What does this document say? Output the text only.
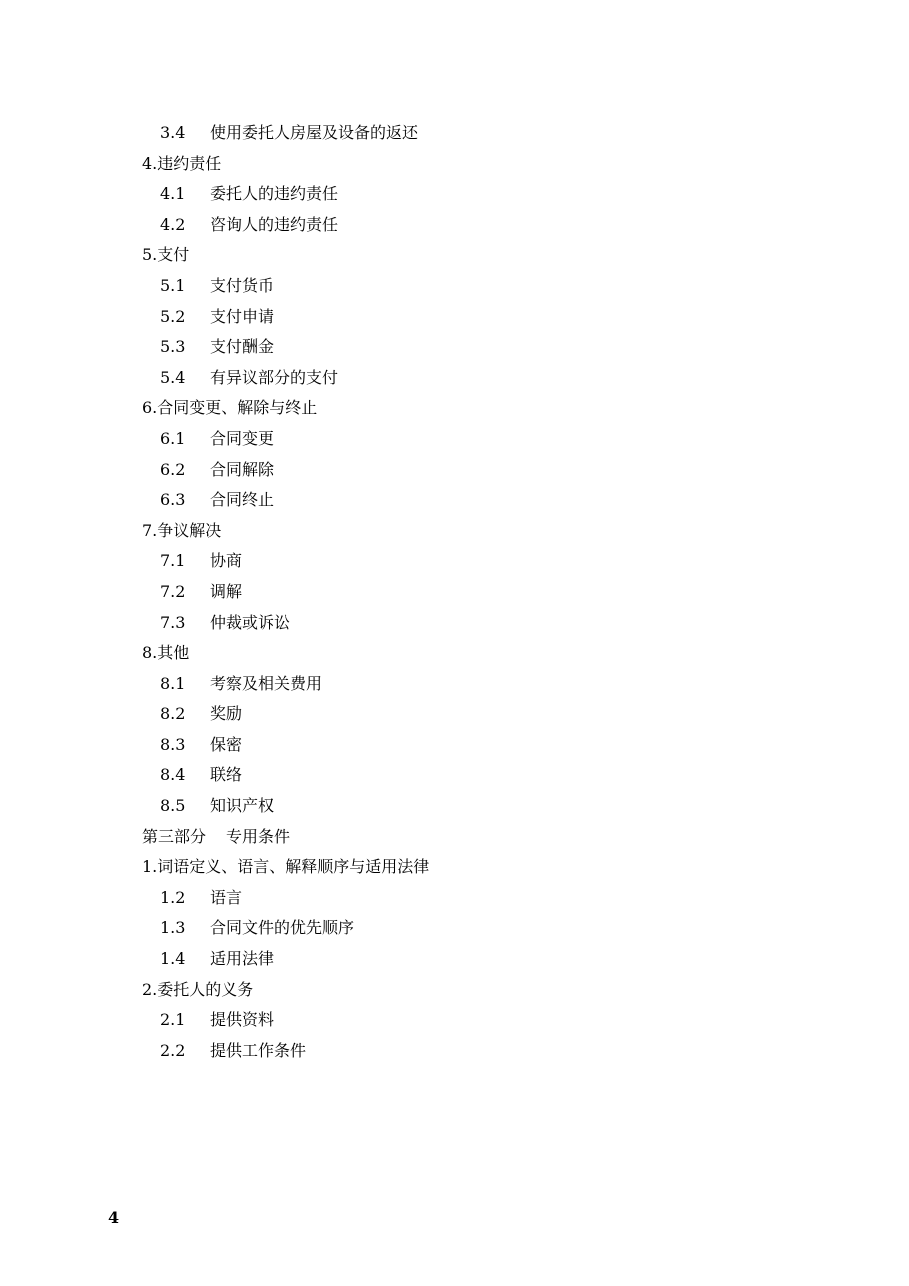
3.4	使用委托人房屋及设备的返还
4. 违约责任
4.1	委托人的违约责任
4.2	咨询人的违约责任
5. 支付
5.1	支付货币
5.2	支付申请
5.3	支付酬金
5.4	有异议部分的支付
6. 合同变更、解除与终止
6.1	合同变更
6.2	合同解除
6.3	合同终止
7. 争议解决
7.1	协商
7.2	调解
7.3	仲裁或诉讼
8. 其他
8.1	考察及相关费用
8.2	奖励
8.3	保密
8.4	联络
8.5	知识产权
第三部分 专用条件
1. 词语定义、语言、解释顺序与适用法律
1.2	语言
1.3	合同文件的优先顺序
1.4	适用法律
2. 委托人的义务
2.1	提供资料
2.2	提供工作条件
4
